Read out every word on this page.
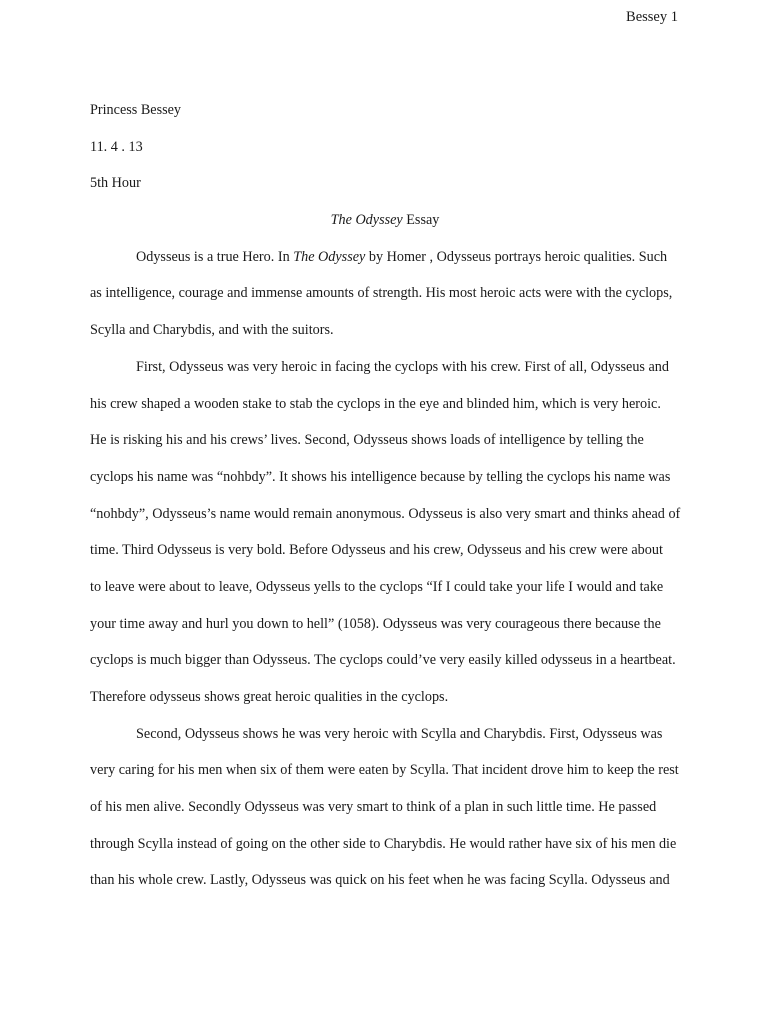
Bessey 1
Princess Bessey
11. 4 . 13
5th Hour
The Odyssey Essay
Odysseus is a true Hero. In The Odyssey by Homer , Odysseus portrays heroic qualities. Such
as intelligence, courage and immense amounts of strength. His most heroic acts were with the cyclops,
Scylla and Charybdis, and with the suitors.
First, Odysseus was very heroic in facing the cyclops with his crew. First of all, Odysseus and
his crew shaped a wooden stake to stab the cyclops in the eye and blinded him, which is very heroic.
He is risking his and his crews’ lives. Second, Odysseus shows loads of intelligence by telling the
cyclops his name was “nohbdy”. It shows his intelligence because by telling the cyclops his name was
“nohbdy”, Odysseus’s name would remain anonymous. Odysseus is also very smart and thinks ahead of
time. Third Odysseus is very bold. Before Odysseus and his crew, Odysseus and his crew were about
to leave were about to leave, Odysseus yells to the cyclops “If I could take your life I would and take
your time away and hurl you down to hell” (1058). Odysseus was very courageous there because the
cyclops is much bigger than Odysseus. The cyclops could’ve very easily killed odysseus in a heartbeat.
Therefore odysseus shows great heroic qualities in the cyclops.
Second, Odysseus shows he was very heroic with Scylla and Charybdis. First, Odysseus was
very caring for his men when six of them were eaten by Scylla. That incident drove him to keep the rest
of his men alive. Secondly Odysseus was very smart to think of a plan in such little time. He passed
through Scylla instead of going on the other side to Charybdis. He would rather have six of his men die
than his whole crew. Lastly, Odysseus was quick on his feet when he was facing Scylla. Odysseus and
